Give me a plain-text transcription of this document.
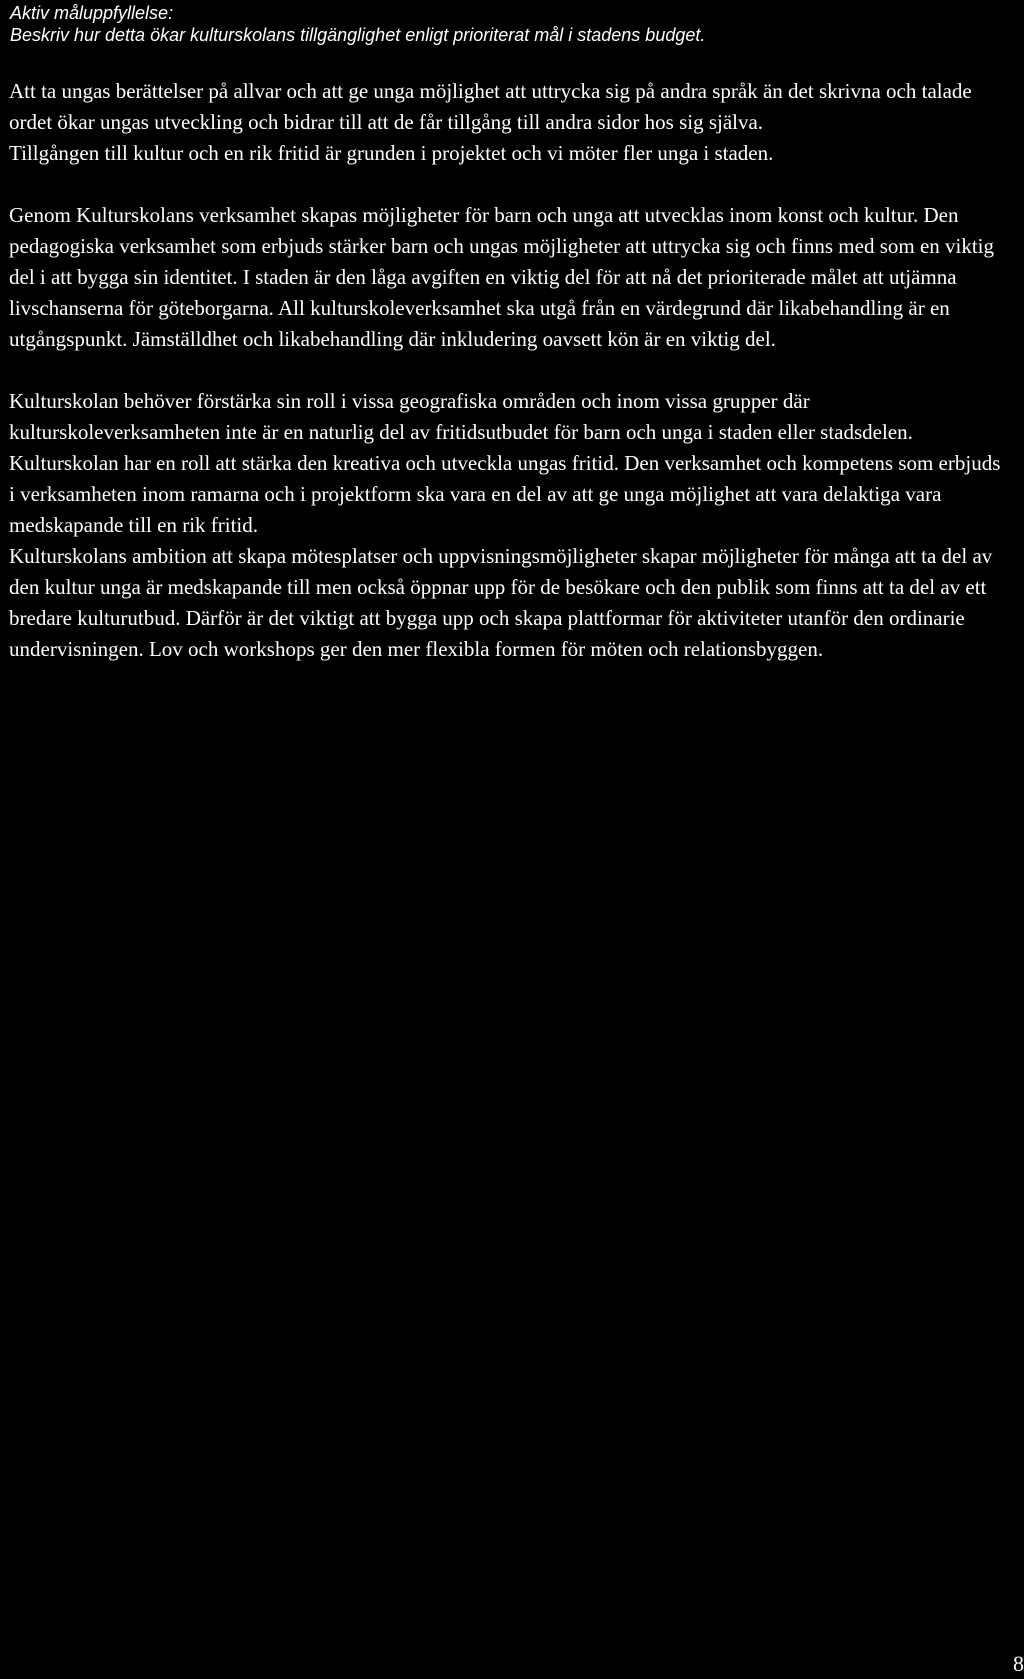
Aktiv måluppfyllelse:
Beskriv hur detta ökar kulturskolans tillgänglighet enligt prioriterat mål i stadens budget.

Att ta ungas berättelser på allvar och att ge unga möjlighet att uttrycka sig på andra språk än det skrivna och talade ordet ökar ungas utveckling och bidrar till att de får tillgång till andra sidor hos sig själva.

Tillgången till kultur och en rik fritid är grunden i projektet och vi möter fler unga i staden.

Genom Kulturskolans verksamhet skapas möjligheter för barn och unga att utvecklas inom konst och kultur. Den pedagogiska verksamhet som erbjuds stärker barn och ungas möjligheter att uttrycka sig och finns med som en viktig del i att bygga sin identitet. I staden är den låga avgiften en viktig del för att nå det prioriterade målet att utjämna livschanserna för göteborgarna. All kulturskoleverksamhet ska utgå från en värdegrund där likabehandling är en utgångspunkt. Jämställdhet och likabehandling där inkludering oavsett kön är en viktig del.

Kulturskolan behöver förstärka sin roll i vissa geografiska områden och inom vissa grupper där kulturskoleverksamheten inte är en naturlig del av fritidsutbudet för barn och unga i staden eller stadsdelen. Kulturskolan har en roll att stärka den kreativa och utveckla ungas fritid. Den verksamhet och kompetens som erbjuds i verksamheten inom ramarna och i projektform ska vara en del av att ge unga möjlighet att vara delaktiga vara medskapande till en rik fritid.

Kulturskolans ambition att skapa mötesplatser och uppvisningsmöjligheter skapar möjligheter för många att ta del av den kultur unga är medskapande till men också öppnar upp för de besökare och den publik som finns att ta del av ett bredare kulturutbud. Därför är det viktigt att bygga upp och skapa plattformar för aktiviteter utanför den ordinarie undervisningen. Lov och workshops ger den mer flexibla formen för möten och relationsbyggen.

8
